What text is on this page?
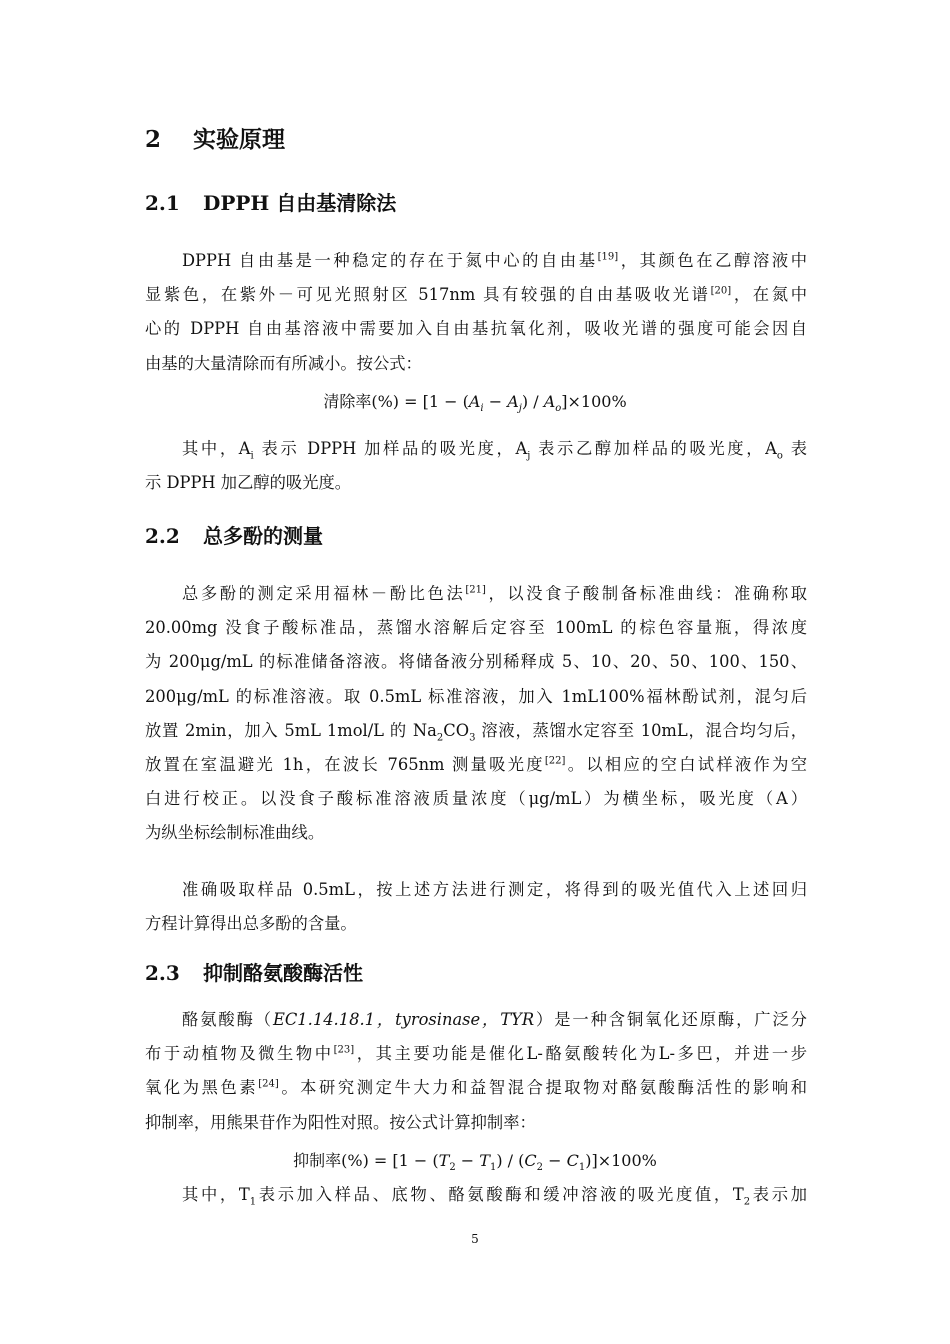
2 实验原理
2.1 DPPH 自由基清除法

DPPH 自由基是一种稳定的存在于氮中心的自由基[19]，其颜色在乙醇溶液中
显紫色，在紫外－可见光照射区 517nm 具有较强的自由基吸收光谱[20]，在氮中
心的 DPPH 自由基溶液中需要加入自由基抗氧化剂，吸收光谱的强度可能会因自
由基的大量清除而有所减小。按公式：

清除率(%) = $[1 - (A_i - A_j) / A_o]\times 100\%$

其中，$A_i$ 表示 DPPH 加样品的吸光度，$A_j$ 表示乙醇加样品的吸光度，$A_o$ 表
示 DPPH 加乙醇的吸光度。

2.2 总多酚的测量

总多酚的测定采用福林－酚比色法[21]，以没食子酸制备标准曲线：准确称取
20.00mg 没食子酸标准品，蒸馏水溶解后定容至 100mL 的棕色容量瓶，得浓度
为 200μg/mL 的标准储备溶液。将储备液分别稀释成 5、10、20、50、100、150、
200μg/mL 的标准溶液。取 0.5mL 标准溶液，加入 1mL100%福林酚试剂，混匀后
放置 2min，加入 5mL 1mol/L 的 $Na_2CO_3$ 溶液，蒸馏水定容至 10mL，混合均匀后，
放置在室温避光 1h，在波长 765nm 测量吸光度[22]。以相应的空白试样液作为空
白进行校正。以没食子酸标准溶液质量浓度（μg/mL）为横坐标，吸光度（A）
为纵坐标绘制标准曲线。

准确吸取样品 0.5mL，按上述方法进行测定，将得到的吸光值代入上述回归
方程计算得出总多酚的含量。

2.3 抑制酪氨酸酶活性

酪氨酸酶（EC1.14.18.1，tyrosinase，TYR）是一种含铜氧化还原酶，广泛分
布于动植物及微生物中[23]，其主要功能是催化L-酪氨酸转化为L-多巴，并进一步
氧化为黑色素[24]。本研究测定牛大力和益智混合提取物对酪氨酸酶活性的影响和
抑制率，用熊果苷作为阳性对照。按公式计算抑制率：

抑制率(%) = $[1 - (T_2 - T_1) / (C_2 - C_1)]\times 100\%$

其中，$T_1$表示加入样品、底物、酪氨酸酶和缓冲溶液的吸光度值，$T_2$表示加

5
